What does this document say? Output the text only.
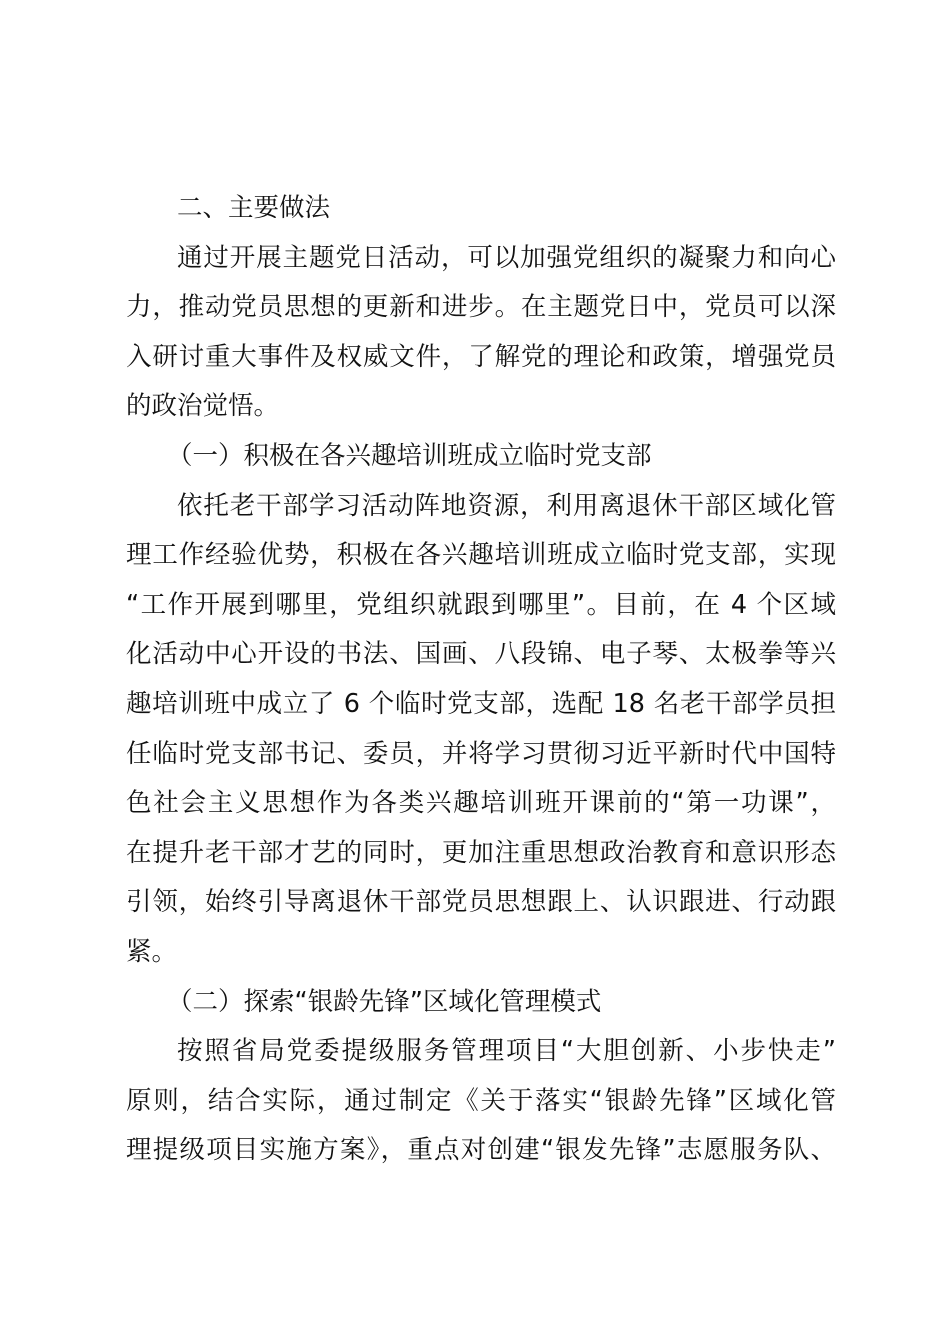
二、主要做法

通过开展主题党日活动，可以加强党组织的凝聚力和向心
力，推动党员思想的更新和进步。在主题党日中，党员可以深
入研讨重大事件及权威文件，了解党的理论和政策，增强党员
的政治觉悟。

（一）积极在各兴趣培训班成立临时党支部

依托老干部学习活动阵地资源，利用离退休干部区域化管
理工作经验优势，积极在各兴趣培训班成立临时党支部，实现
“工作开展到哪里，党组织就跟到哪里”。目前，在 4 个区域
化活动中心开设的书法、国画、八段锦、电子琴、太极拳等兴
趣培训班中成立了 6 个临时党支部，选配 18 名老干部学员担
任临时党支部书记、委员，并将学习贯彻习近平新时代中国特
色社会主义思想作为各类兴趣培训班开课前的“第一功课”，
在提升老干部才艺的同时，更加注重思想政治教育和意识形态
引领，始终引导离退休干部党员思想跟上、认识跟进、行动跟
紧。

（二）探索“银龄先锋”区域化管理模式

按照省局党委提级服务管理项目“大胆创新、小步快走”
原则，结合实际，通过制定《关于落实“银龄先锋”区域化管
理提级项目实施方案》，重点对创建“银发先锋”志愿服务队、
